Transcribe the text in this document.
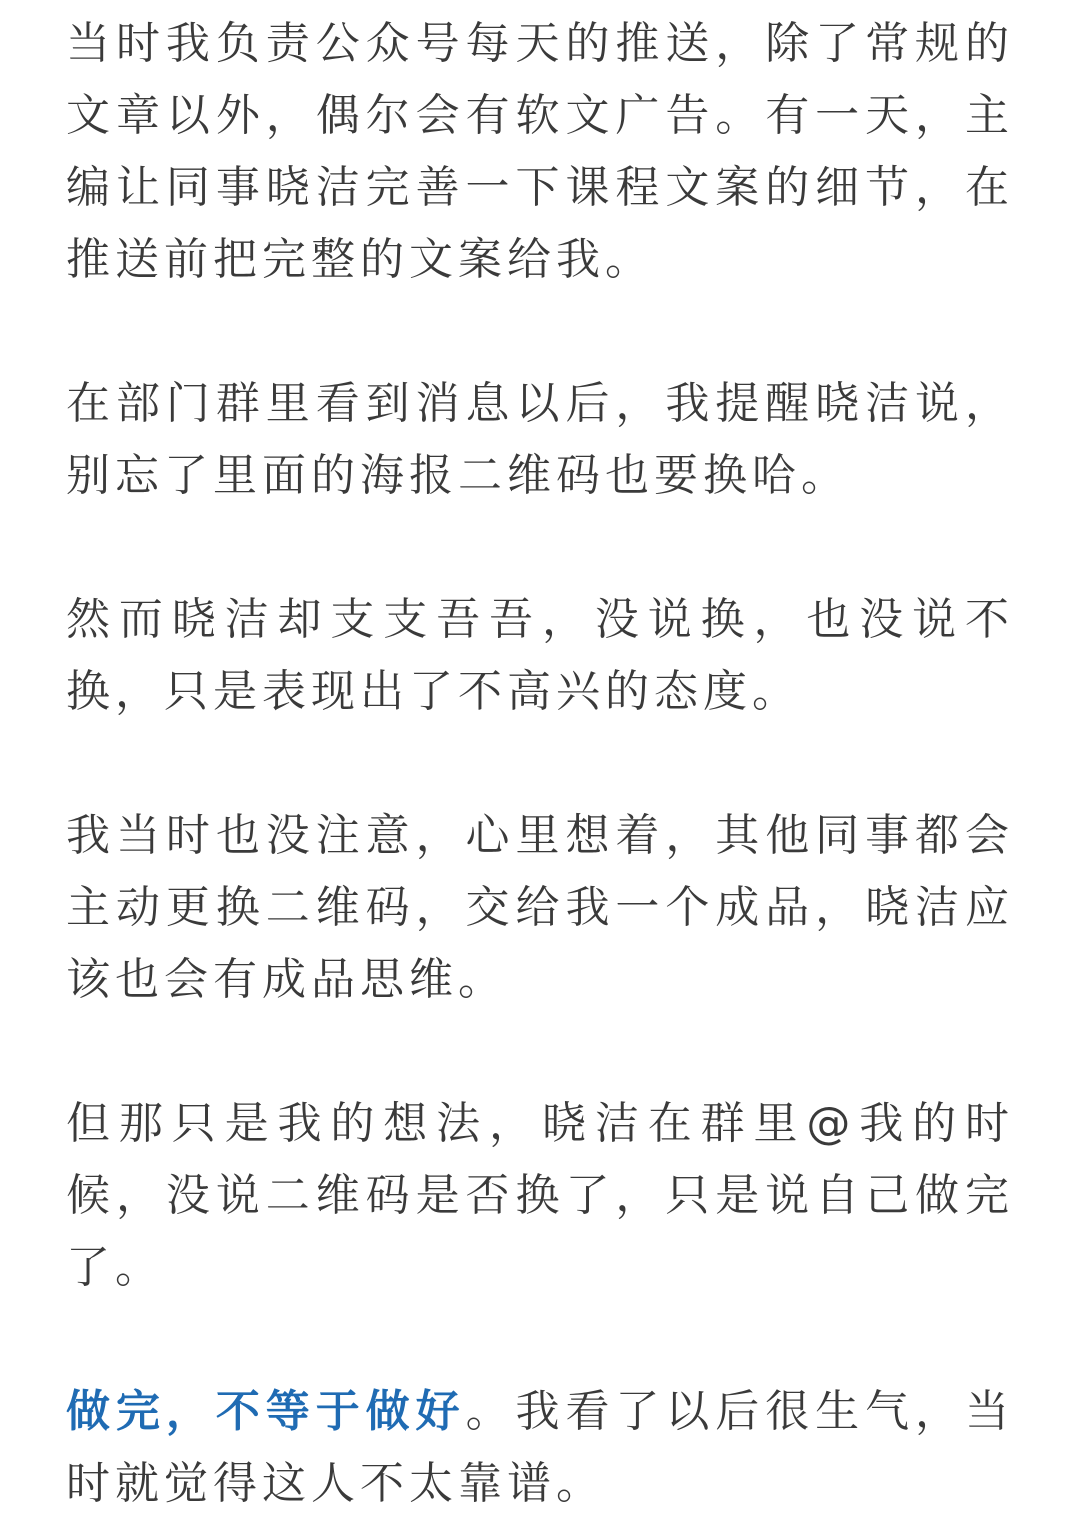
当时我负责公众号每天的推送，除了常规的文章以外，偶尔会有软文广告。有一天，主编让同事晓洁完善一下课程文案的细节，在推送前把完整的文案给我。

在部门群里看到消息以后，我提醒晓洁说，别忘了里面的海报二维码也要换哈。

然而晓洁却支支吾吾，没说换，也没说不换，只是表现出了不高兴的态度。

我当时也没注意，心里想着，其他同事都会主动更换二维码，交给我一个成品，晓洁应该也会有成品思维。

但那只是我的想法，晓洁在群里@我的时候，没说二维码是否换了，只是说自己做完了。

做完，不等于做好。我看了以后很生气，当时就觉得这人不太靠谱。
